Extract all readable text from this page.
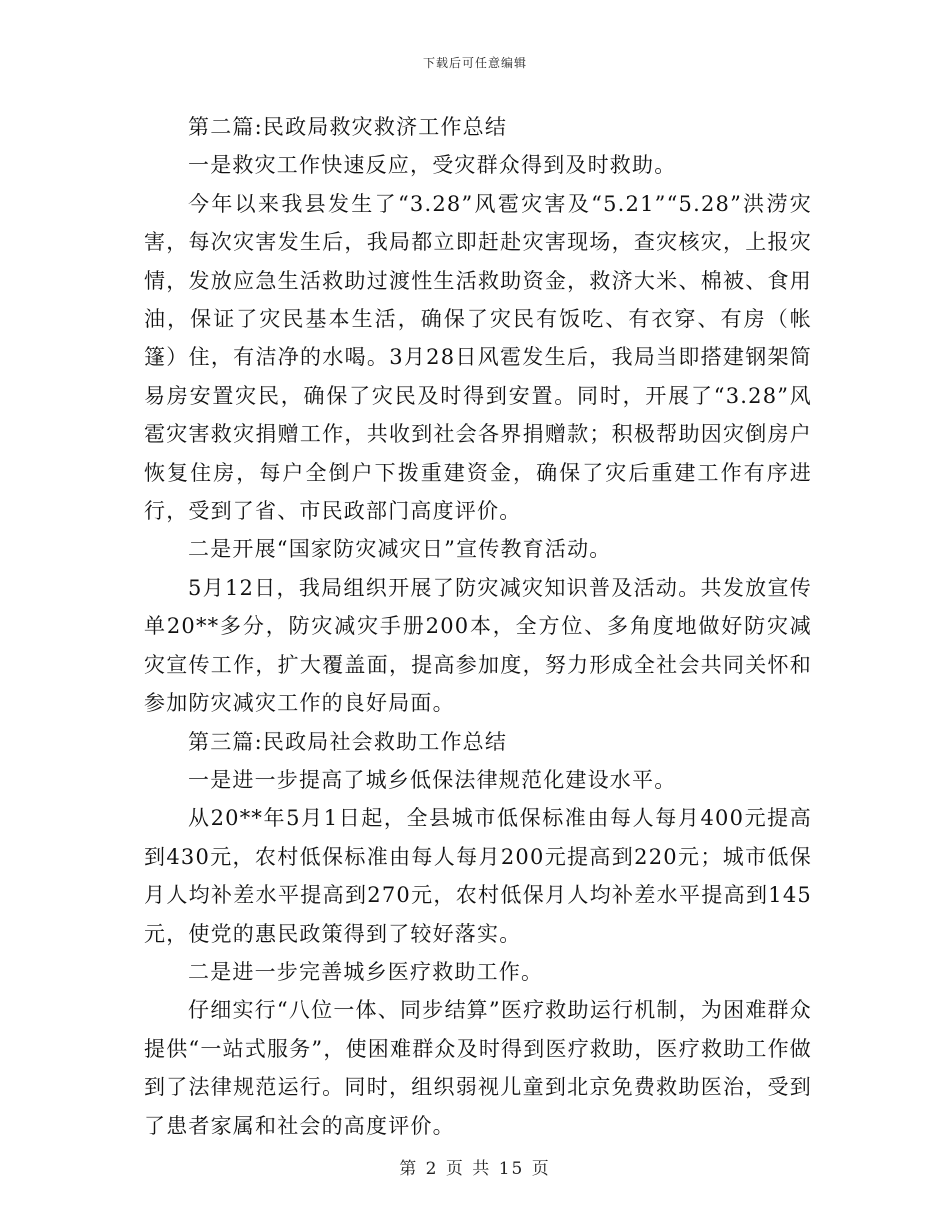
下载后可任意编辑

第二篇:民政局救灾救济工作总结

一是救灾工作快速反应，受灾群众得到及时救助。

今年以来我县发生了“3.28”风雹灾害及“5.21”“5.28”洪涝灾害，每次灾害发生后，我局都立即赶赴灾害现场，查灾核灾，上报灾情，发放应急生活救助过渡性生活救助资金，救济大米、棉被、食用油，保证了灾民基本生活，确保了灾民有饭吃、有衣穿、有房（帐篷）住，有洁净的水喝。3月28日风雹发生后，我局当即搭建钢架简易房安置灾民，确保了灾民及时得到安置。同时，开展了“3.28”风雹灾害救灾捐赠工作，共收到社会各界捐赠款；积极帮助因灾倒房户恢复住房，每户全倒户下拨重建资金，确保了灾后重建工作有序进行，受到了省、市民政部门高度评价。

二是开展“国家防灾减灾日”宣传教育活动。

5月12日，我局组织开展了防灾减灾知识普及活动。共发放宣传单20**多分，防灾减灾手册200本，全方位、多角度地做好防灾减灾宣传工作，扩大覆盖面，提高参加度，努力形成全社会共同关怀和参加防灾减灾工作的良好局面。

第三篇:民政局社会救助工作总结

一是进一步提高了城乡低保法律规范化建设水平。

从20**年5月1日起，全县城市低保标准由每人每月400元提高到430元，农村低保标准由每人每月200元提高到220元；城市低保月人均补差水平提高到270元，农村低保月人均补差水平提高到145元，使党的惠民政策得到了较好落实。

二是进一步完善城乡医疗救助工作。

仔细实行“八位一体、同步结算”医疗救助运行机制，为困难群众提供“一站式服务”，使困难群众及时得到医疗救助，医疗救助工作做到了法律规范运行。同时，组织弱视儿童到北京免费救助医治，受到了患者家属和社会的高度评价。

第 2 页 共 15 页
